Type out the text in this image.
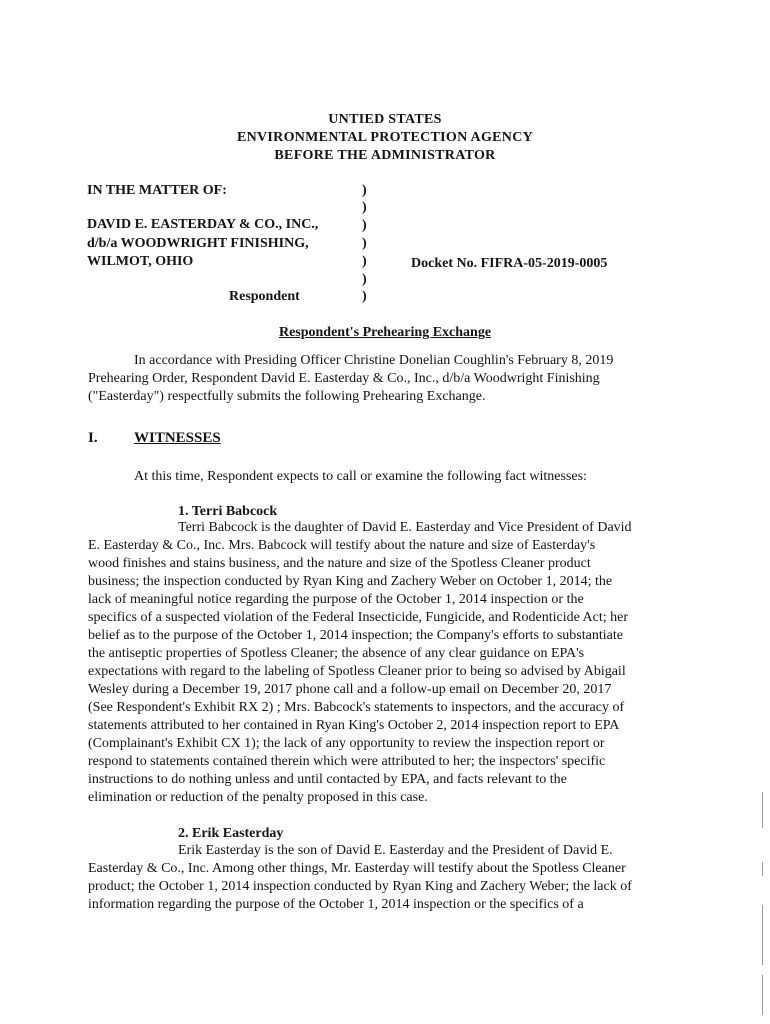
UNTIED STATES
ENVIRONMENTAL PROTECTION AGENCY
BEFORE THE ADMINISTRATOR
IN THE MATTER OF:
DAVID E. EASTERDAY & CO., INC.,
d/b/a WOODWRIGHT FINISHING,
WILMOT, OHIO
Respondent
)
)
)
)
)
)
)
Docket No. FIFRA-05-2019-0005
Respondent's Prehearing Exchange
In accordance with Presiding Officer Christine Donelian Coughlin's February 8, 2019
Prehearing Order, Respondent David E. Easterday & Co., Inc., d/b/a Woodwright Finishing
("Easterday") respectfully submits the following Prehearing Exchange.
I. WITNESSES
At this time, Respondent expects to call or examine the following fact witnesses:
1. Terri Babcock
Terri Babcock is the daughter of David E. Easterday and Vice President of David
E. Easterday & Co., Inc. Mrs. Babcock will testify about the nature and size of Easterday's
wood finishes and stains business, and the nature and size of the Spotless Cleaner product
business; the inspection conducted by Ryan King and Zachery Weber on October 1, 2014; the
lack of meaningful notice regarding the purpose of the October 1, 2014 inspection or the
specifics of a suspected violation of the Federal Insecticide, Fungicide, and Rodenticide Act; her
belief as to the purpose of the October 1, 2014 inspection; the Company's efforts to substantiate
the antiseptic properties of Spotless Cleaner; the absence of any clear guidance on EPA's
expectations with regard to the labeling of Spotless Cleaner prior to being so advised by Abigail
Wesley during a December 19, 2017 phone call and a follow-up email on December 20, 2017
(See Respondent's Exhibit RX 2) ; Mrs. Babcock's statements to inspectors, and the accuracy of
statements attributed to her contained in Ryan King's October 2, 2014 inspection report to EPA
(Complainant's Exhibit CX 1); the lack of any opportunity to review the inspection report or
respond to statements contained therein which were attributed to her; the inspectors' specific
instructions to do nothing unless and until contacted by EPA, and facts relevant to the
elimination or reduction of the penalty proposed in this case.
2. Erik Easterday
Erik Easterday is the son of David E. Easterday and the President of David E.
Easterday & Co., Inc. Among other things, Mr. Easterday will testify about the Spotless Cleaner
product; the October 1, 2014 inspection conducted by Ryan King and Zachery Weber; the lack of
information regarding the purpose of the October 1, 2014 inspection or the specifics of a
